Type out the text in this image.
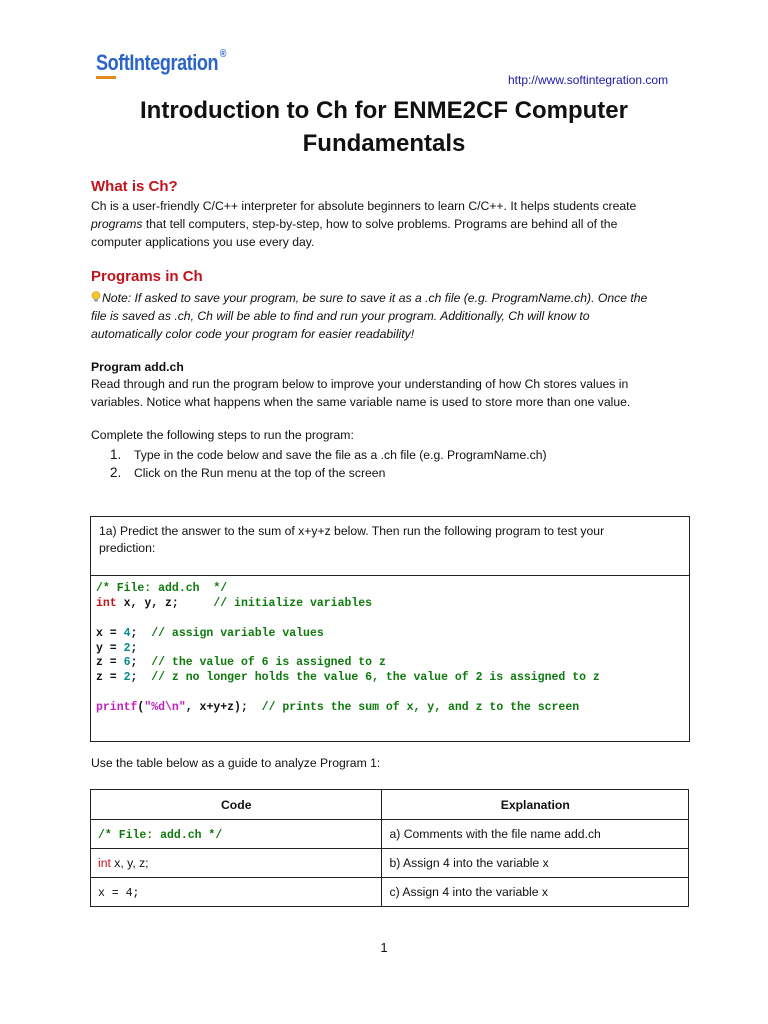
SoftIntegration ®
http://www.softintegration.com
Introduction to Ch for ENME2CF Computer
Fundamentals
What is Ch?
Ch is a user-friendly C/C++ interpreter for absolute beginners to learn C/C++. It helps students create
programs that tell computers, step-by-step, how to solve problems. Programs are behind all of the
computer applications you use every day.
Programs in Ch
Note: If asked to save your program, be sure to save it as a .ch file (e.g. ProgramName.ch). Once the
file is saved as .ch, Ch will be able to find and run your program. Additionally, Ch will know to
automatically color code your program for easier readability!
Program add.ch
Read through and run the program below to improve your understanding of how Ch stores values in
variables. Notice what happens when the same variable name is used to store more than one value.
Complete the following steps to run the program:
1. Type in the code below and save the file as a .ch file (e.g. ProgramName.ch)
2. Click on the Run menu at the top of the screen
1a) Predict the answer to the sum of x+y+z below. Then run the following program to test your
prediction:
/* File: add.ch  */
int x, y, z;     // initialize variables
x = 4;  // assign variable values
y = 2;
z = 6;  // the value of 6 is assigned to z
z = 2;  // z no longer holds the value 6, the value of 2 is assigned to z
printf("%d\n", x+y+z);  // prints the sum of x, y, and z to the screen
Use the table below as a guide to analyze Program 1:
Code	Explanation
/* File: add.ch */	a) Comments with the file name add.ch
int x, y, z;	b) Assign 4 into the variable x
x = 4;	c) Assign 4 into the variable x
1
